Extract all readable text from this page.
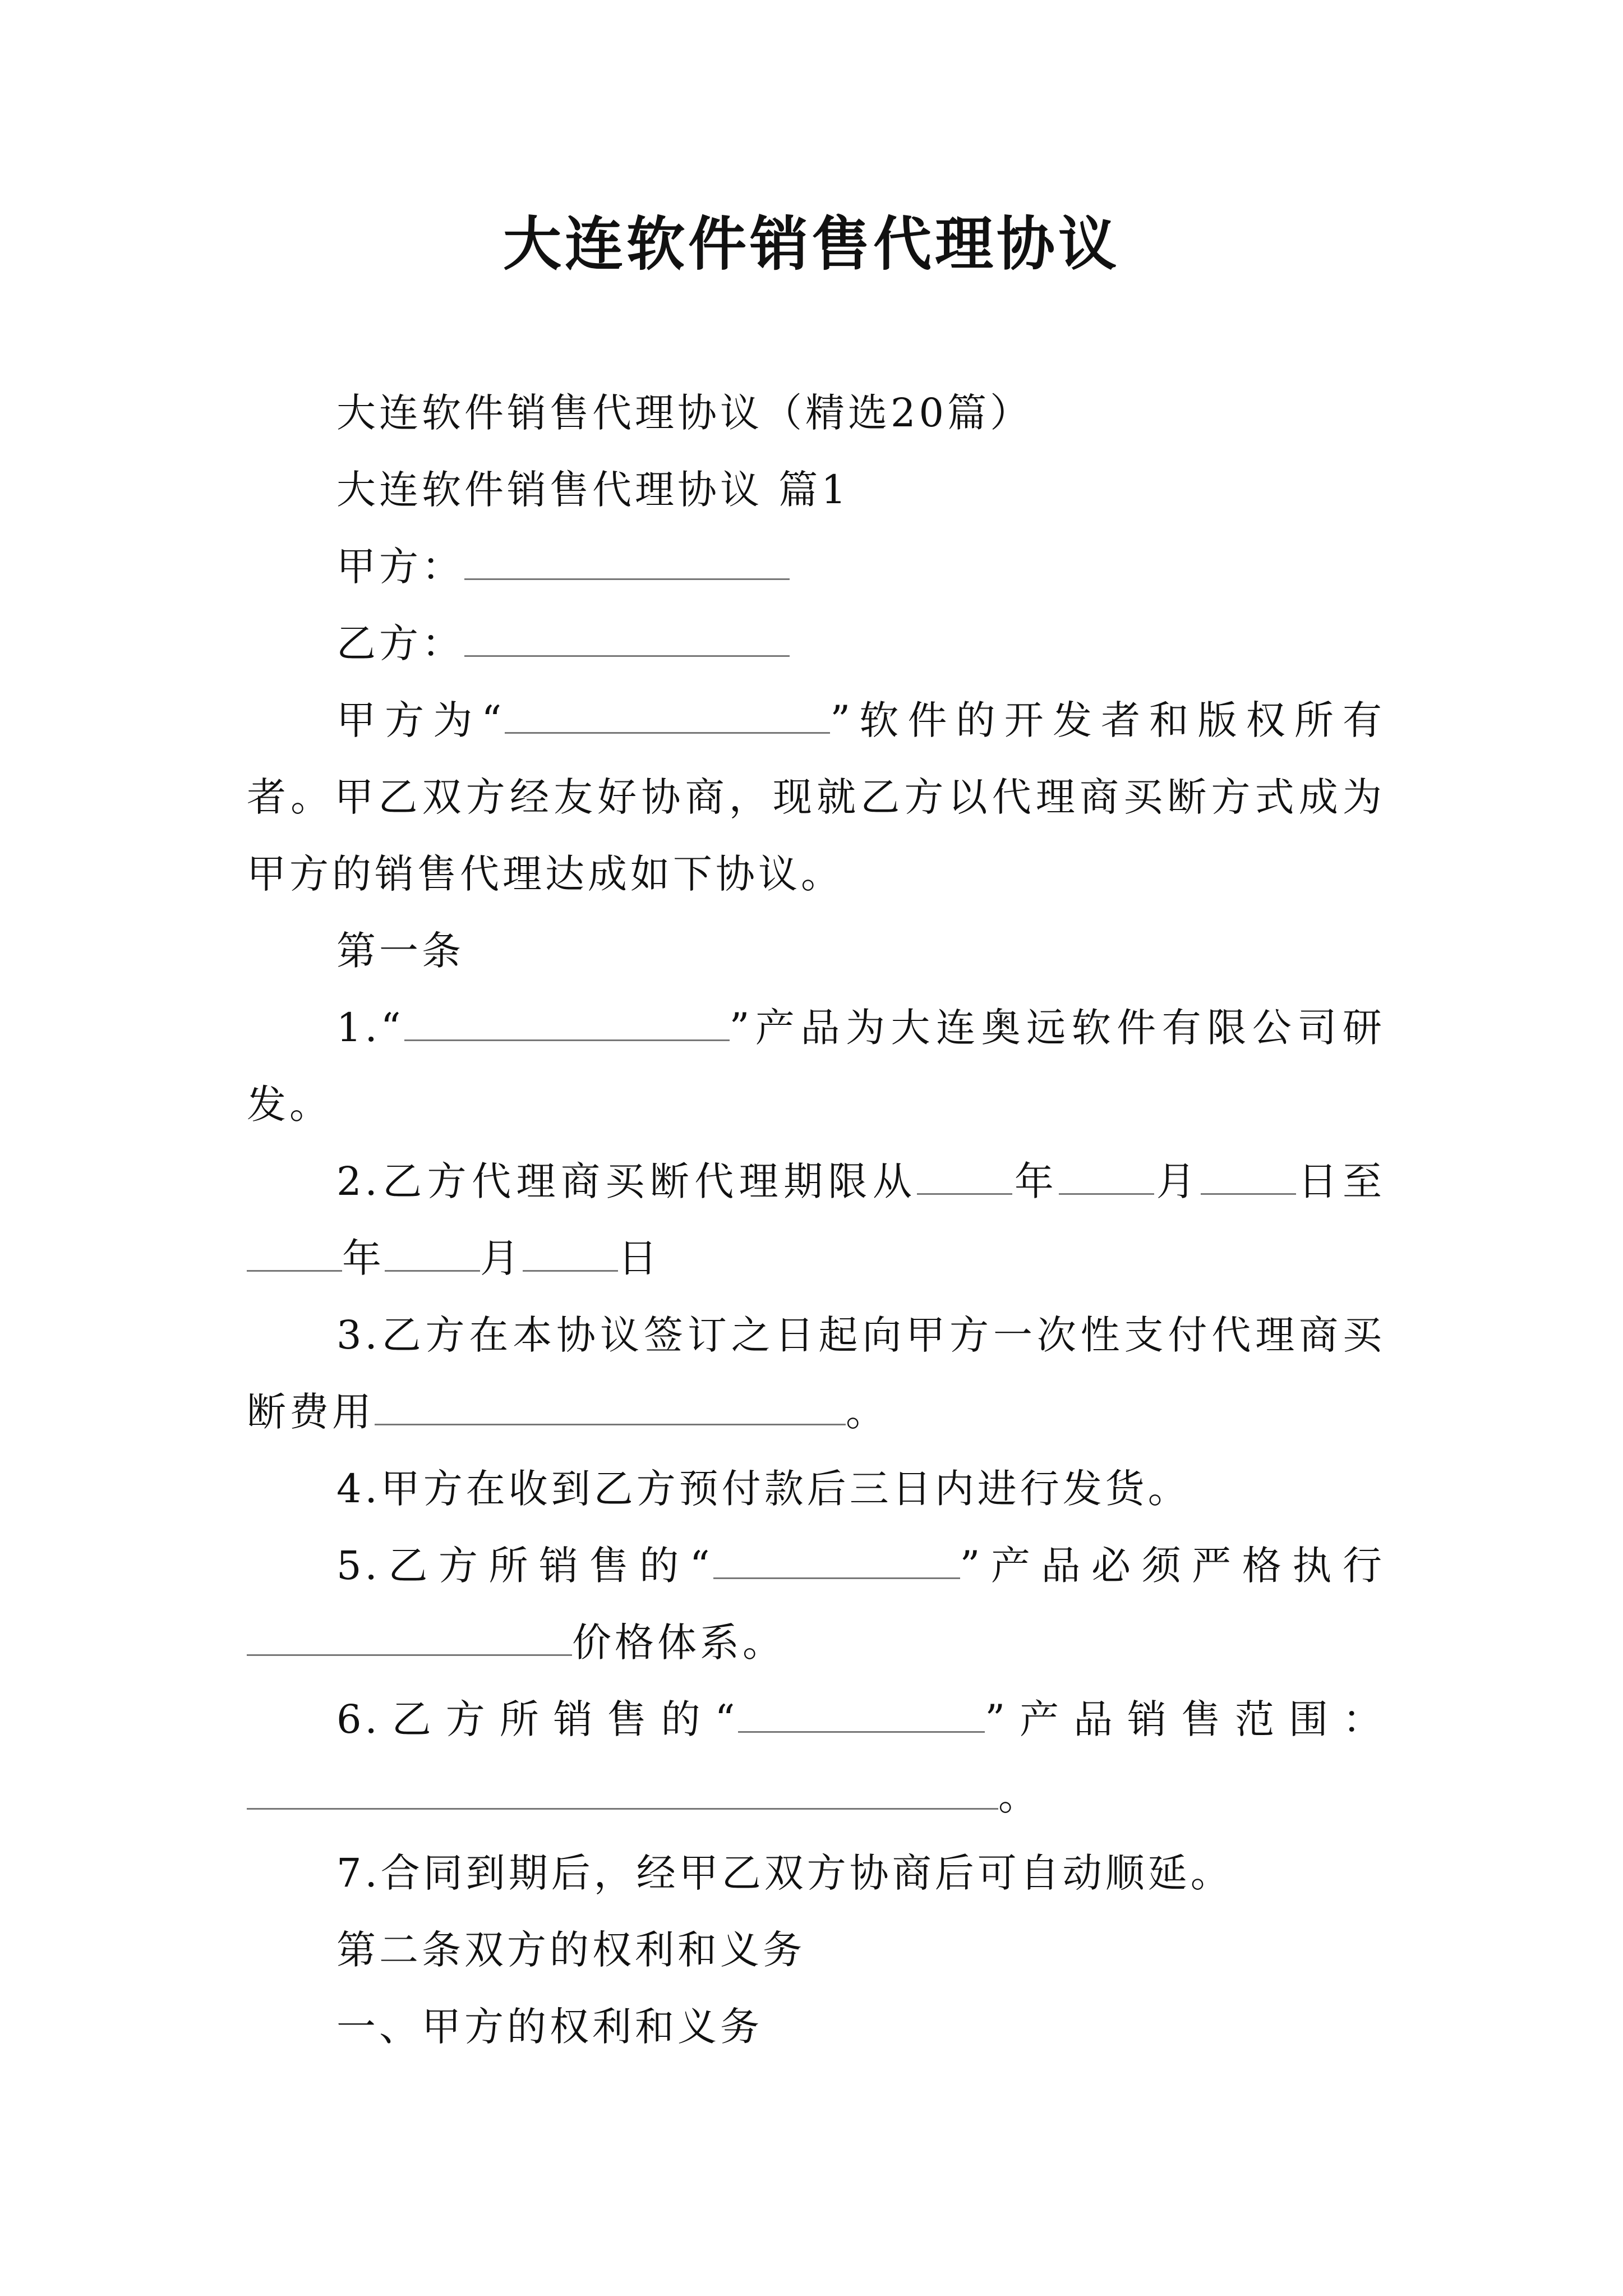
大连软件销售代理协议

大连软件销售代理协议（精选20篇）

大连软件销售代理协议 篇1

甲方：

乙方：

甲方为“	”软件的开发者和版权所有者。甲乙双方经友好协商，现就乙方以代理商买断方式成为甲方的销售代理达成如下协议。

第一条

1.“	”产品为大连奥远软件有限公司研发。

2.乙方代理商买断代理期限从 年 月 日至年 月 日

3.乙方在本协议签订之日起向甲方一次性支付代理商买断费用	。

4.甲方在收到乙方预付款后三日内进行发货。

5.乙方所销售的“	”产品必须严格执行价格体系。

6.乙方所销售的“	”产品销售范围：。

7.合同到期后，经甲乙双方协商后可自动顺延。

第二条双方的权利和义务

一、甲方的权利和义务
